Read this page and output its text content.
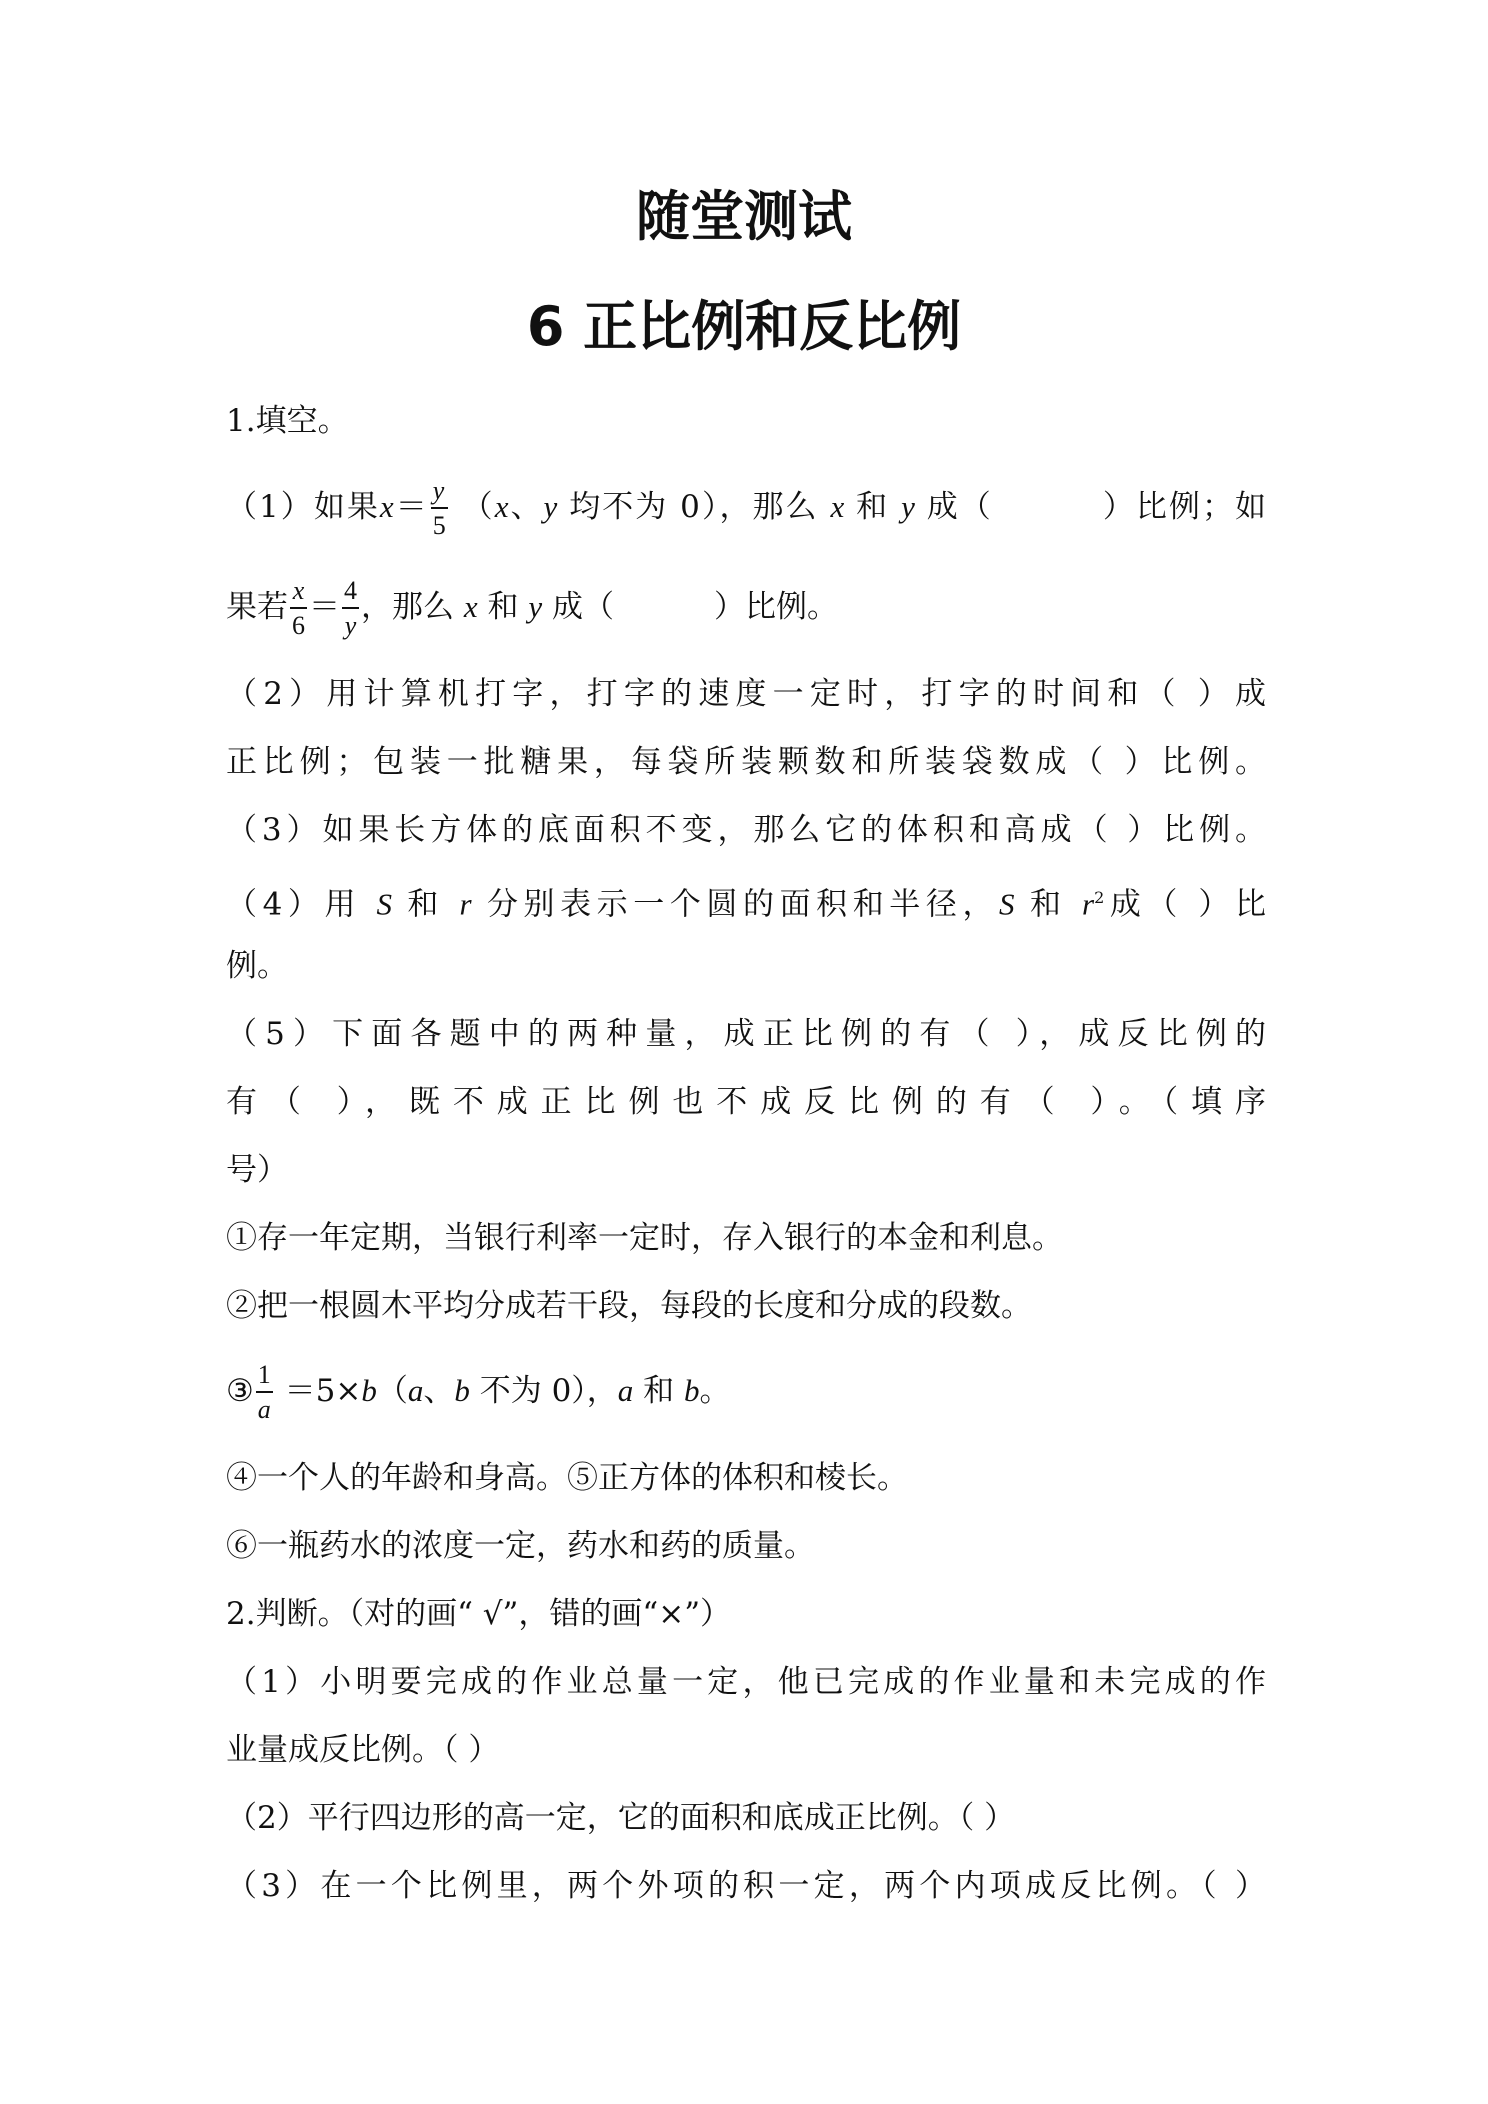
随堂测试
6 正比例和反比例
1.填空。
（1）如果$x= \frac{y}{5} (x$、y 均不为 0），那么 x 和 y 成（	）比例；如
果若 $\frac{x}{6} = \frac{4}{y}$ ，那么 x 和 y 成（	）比例。
（2）用计算机打字，打字的速度一定时，打字的时间和（ ）成
正比例；包装一批糖果，每袋所装颗数和所装袋数成（ ）比例。
（3）如果长方体的底面积不变，那么它的体积和高成（ ）比例。
（4）用 S 和 r 分别表示一个圆的面积和半径，S 和 $r^2$成（ ）比
例。
（5）下面各题中的两种量，成正比例的有（ ），成反比例的
有（ ），既不成正比例也不成反比例的有（ ）。（填序
号）
①存一年定期，当银行利率一定时，存入银行的本金和利息。
②把一根圆木平均分成若干段，每段的长度和分成的段数。
③ $\frac{1}{a} =5\times b(a$、b 不为 0），a 和 b。
④一个人的年龄和身高。⑤正方体的体积和棱长。
⑥一瓶药水的浓度一定，药水和药的质量。
2.判断。（对的画“ √”，错的画“×”）
（1）小明要完成的作业总量一定，他已完成的作业量和未完成的作
业量成反比例。（ ）
（2）平行四边形的高一定，它的面积和底成正比例。（ ）
（3）在一个比例里，两个外项的积一定，两个内项成反比例。（ ）
